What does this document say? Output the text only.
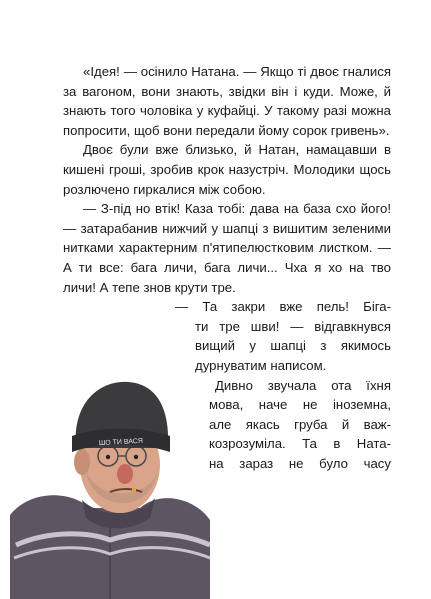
«Ідея! — осінило Натана. — Якщо ті двоє гналися за вагоном, вони знають, звідки він і куди. Може, й знають того чоловіка у куфайці. У такому разі можна попросити, щоб вони передали йому сорок гривень».

Двоє були вже близько, й Натан, намацавши в кишені гроші, зробив крок назустріч. Молодики щось розлючено гиркалися між собою.

— З-під но втік! Каза тобі: дава на база схо його! — затарабанив нижчий у шапці з вишитим зеленими нитками характерним п'ятипелюстковим листком. — А ти все: бага личи, бага личи... Чха я хо на тво личи! А тепе знов крути тре.

— Та закри вже пель! Біга-
ти тре шви! — відгавкнувся
вищий у шапці з якимось
дурнуватим написом.
Дивно звучала ота їхня
мова, наче не іноземна,
але якась груба й важ-
козрозуміла. Та в Ната-
на зараз не було часу
ШО ТИ ВАСЯ
